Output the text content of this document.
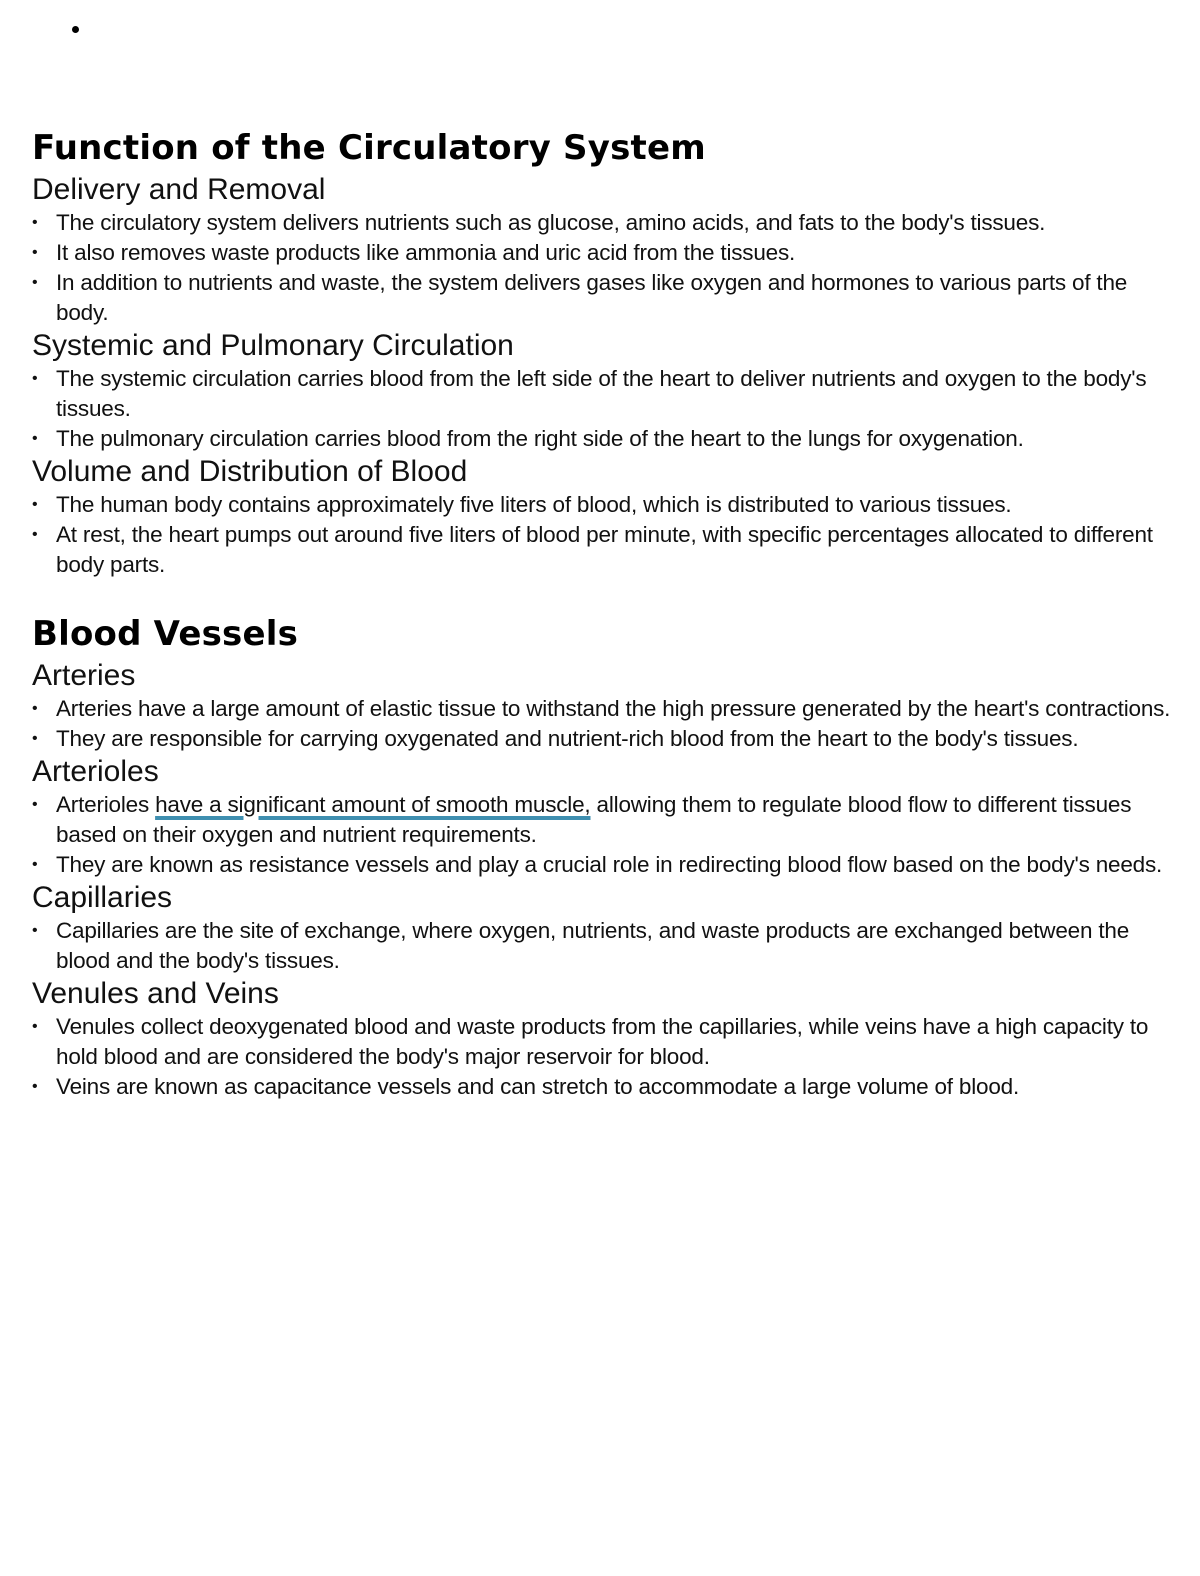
Function of the Circulatory System
Delivery and Removal
• The circulatory system delivers nutrients such as glucose, amino acids, and fats to the body's tissues.
• It also removes waste products like ammonia and uric acid from the tissues.
• In addition to nutrients and waste, the system delivers gases like oxygen and hormones to various parts of the body.
Systemic and Pulmonary Circulation
• The systemic circulation carries blood from the left side of the heart to deliver nutrients and oxygen to the body's tissues.
• The pulmonary circulation carries blood from the right side of the heart to the lungs for oxygenation.
Volume and Distribution of Blood
• The human body contains approximately five liters of blood, which is distributed to various tissues.
• At rest, the heart pumps out around five liters of blood per minute, with specific percentages allocated to different body parts.
Blood Vessels
Arteries
• Arteries have a large amount of elastic tissue to withstand the high pressure generated by the heart's contractions.
• They are responsible for carrying oxygenated and nutrient-rich blood from the heart to the body's tissues.
Arterioles
• Arterioles have a significant amount of smooth muscle, allowing them to regulate blood flow to different tissues based on their oxygen and nutrient requirements.
• They are known as resistance vessels and play a crucial role in redirecting blood flow based on the body's needs.
Capillaries
• Capillaries are the site of exchange, where oxygen, nutrients, and waste products are exchanged between the blood and the body's tissues.
Venules and Veins
• Venules collect deoxygenated blood and waste products from the capillaries, while veins have a high capacity to hold blood and are considered the body's major reservoir for blood.
• Veins are known as capacitance vessels and can stretch to accommodate a large volume of blood.
